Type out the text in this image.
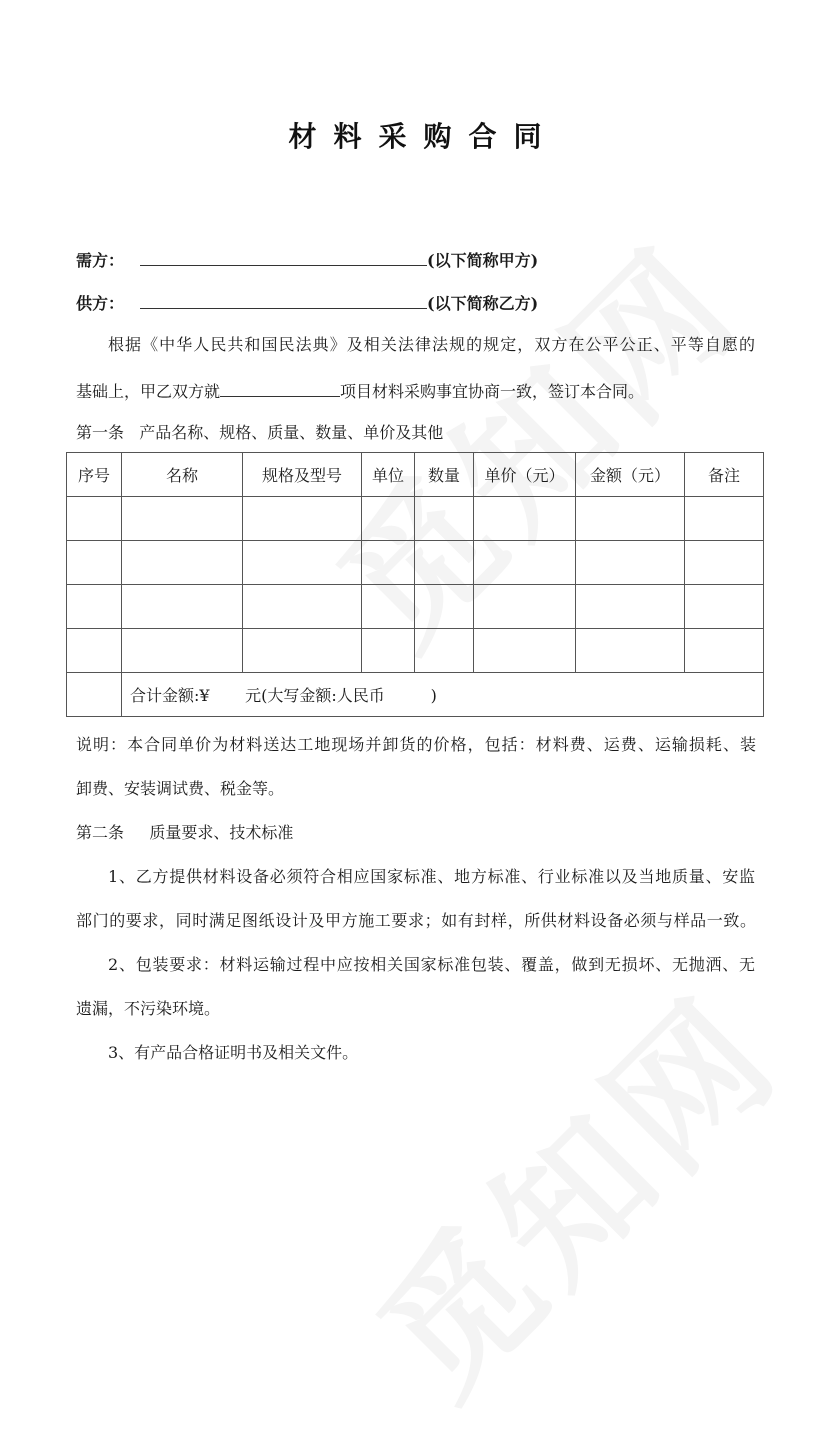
材料采购合同
需方：	(以下简称甲方)
供方：	(以下简称乙方)
根据《中华人民共和国民法典》及相关法律法规的规定，双方在公平公正、平等自愿的
基础上，甲乙双方就	项目材料采购事宜协商一致，签订本合同。
第一条   产品名称、规格、质量、数量、单价及其他
序号	名称	规格及型号	单位	数量	单价（元）	金额（元）	备注

	合计金额:¥       元(大写金额:人民币         )						
说明：本合同单价为材料送达工地现场并卸货的价格，包括：材料费、运费、运输损耗、装
卸费、安装调试费、税金等。
第二条     质量要求、技术标准
1、乙方提供材料设备必须符合相应国家标准、地方标准、行业标准以及当地质量、安监
部门的要求，同时满足图纸设计及甲方施工要求；如有封样，所供材料设备必须与样品一致。
2、包装要求：材料运输过程中应按相关国家标准包装、覆盖，做到无损坏、无抛洒、无
遗漏，不污染环境。
3、有产品合格证明书及相关文件。
